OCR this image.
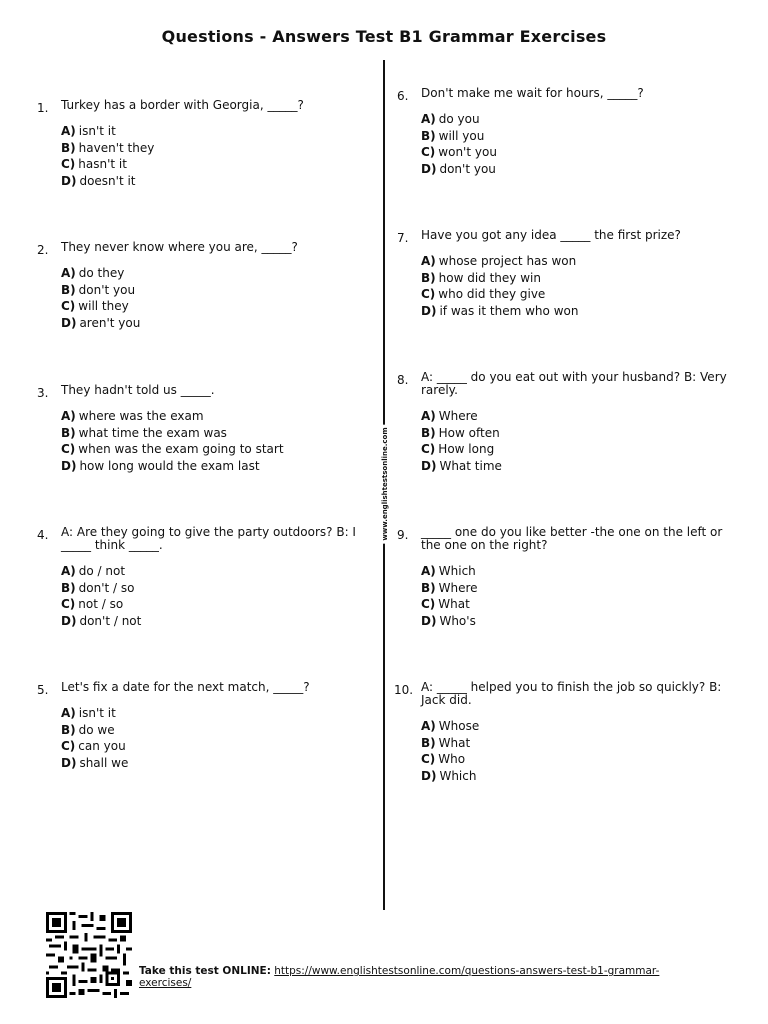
Questions - Answers Test B1 Grammar Exercises
www.englishtestsonline.com
1. Turkey has a border with Georgia, _____?

A) isn't it
B) haven't they
C) hasn't it
D) doesn't it
2. They never know where you are, _____?

A) do they
B) don't you
C) will they
D) aren't you
3. They hadn't told us _____.

A) where was the exam
B) what time the exam was
C) when was the exam going to start
D) how long would the exam last
4. A: Are they going to give the party outdoors? B: I _____ think _____.

A) do / not
B) don't / so
C) not / so
D) don't / not
5. Let's fix a date for the next match, _____?

A) isn't it
B) do we
C) can you
D) shall we
6. Don't make me wait for hours, _____?

A) do you
B) will you
C) won't you
D) don't you
7. Have you got any idea _____ the first prize?

A) whose project has won
B) how did they win
C) who did they give
D) if was it them who won
8. A: _____ do you eat out with your husband? B: Very rarely.

A) Where
B) How often
C) How long
D) What time
9. _____ one do you like better -the one on the left or the one on the right?

A) Which
B) Where
C) What
D) Who's
10. A: _____ helped you to finish the job so quickly? B: Jack did.

A) Whose
B) What
C) Who
D) Which
Take this test ONLINE: https://www.englishtestsonline.com/questions-answers-test-b1-grammar-exercises/
